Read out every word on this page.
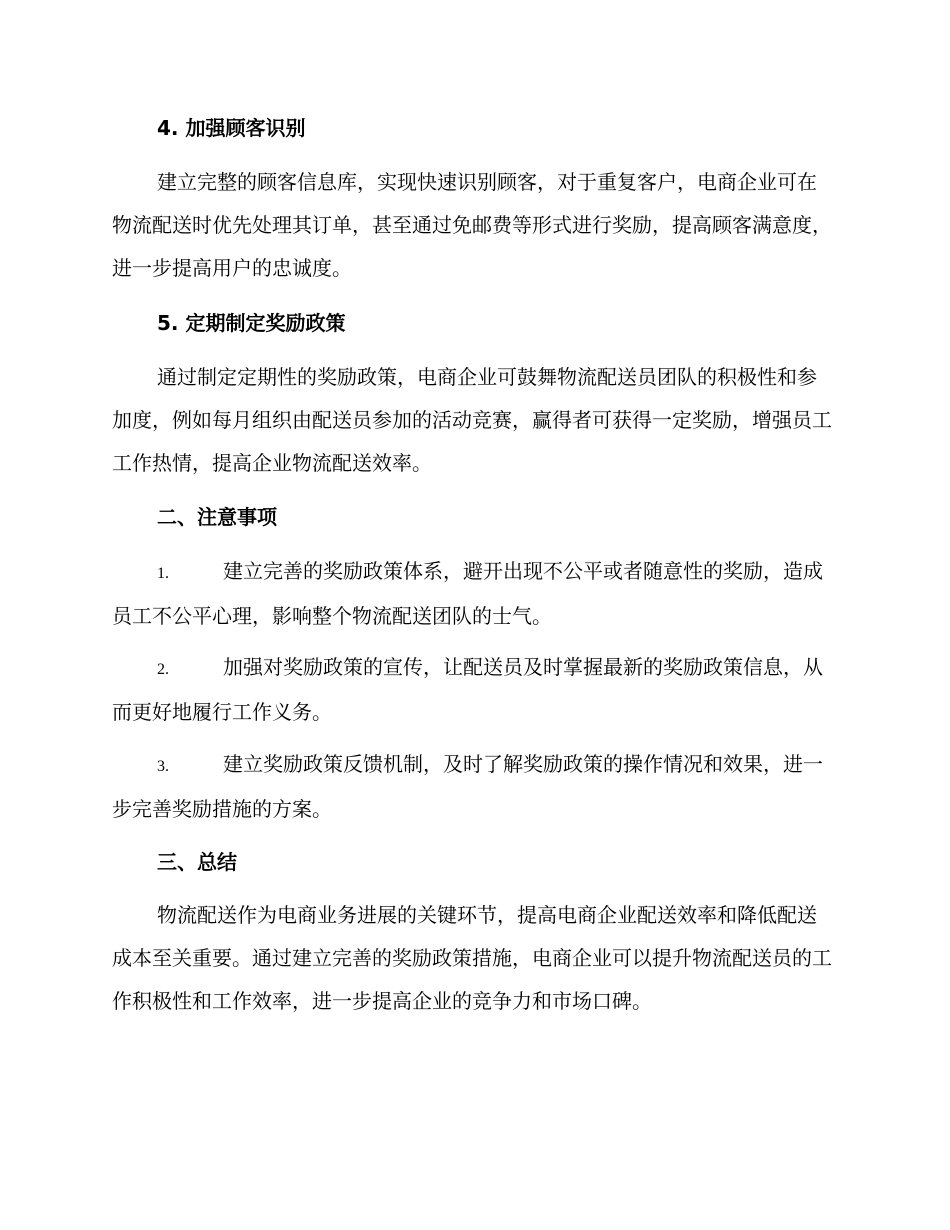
4. 加强顾客识别

建立完整的顾客信息库，实现快速识别顾客，对于重复客户，电商企业可在物流配送时优先处理其订单，甚至通过免邮费等形式进行奖励，提高顾客满意度，进一步提高用户的忠诚度。

5. 定期制定奖励政策

通过制定定期性的奖励政策，电商企业可鼓舞物流配送员团队的积极性和参加度，例如每月组织由配送员参加的活动竞赛，赢得者可获得一定奖励，增强员工工作热情，提高企业物流配送效率。

二、注意事项

1.	建立完善的奖励政策体系，避开出现不公平或者随意性的奖励，造成员工不公平心理，影响整个物流配送团队的士气。

2.	加强对奖励政策的宣传，让配送员及时掌握最新的奖励政策信息，从而更好地履行工作义务。

3.	建立奖励政策反馈机制，及时了解奖励政策的操作情况和效果，进一步完善奖励措施的方案。

三、总结

物流配送作为电商业务进展的关键环节，提高电商企业配送效率和降低配送成本至关重要。通过建立完善的奖励政策措施，电商企业可以提升物流配送员的工作积极性和工作效率，进一步提高企业的竞争力和市场口碑。
